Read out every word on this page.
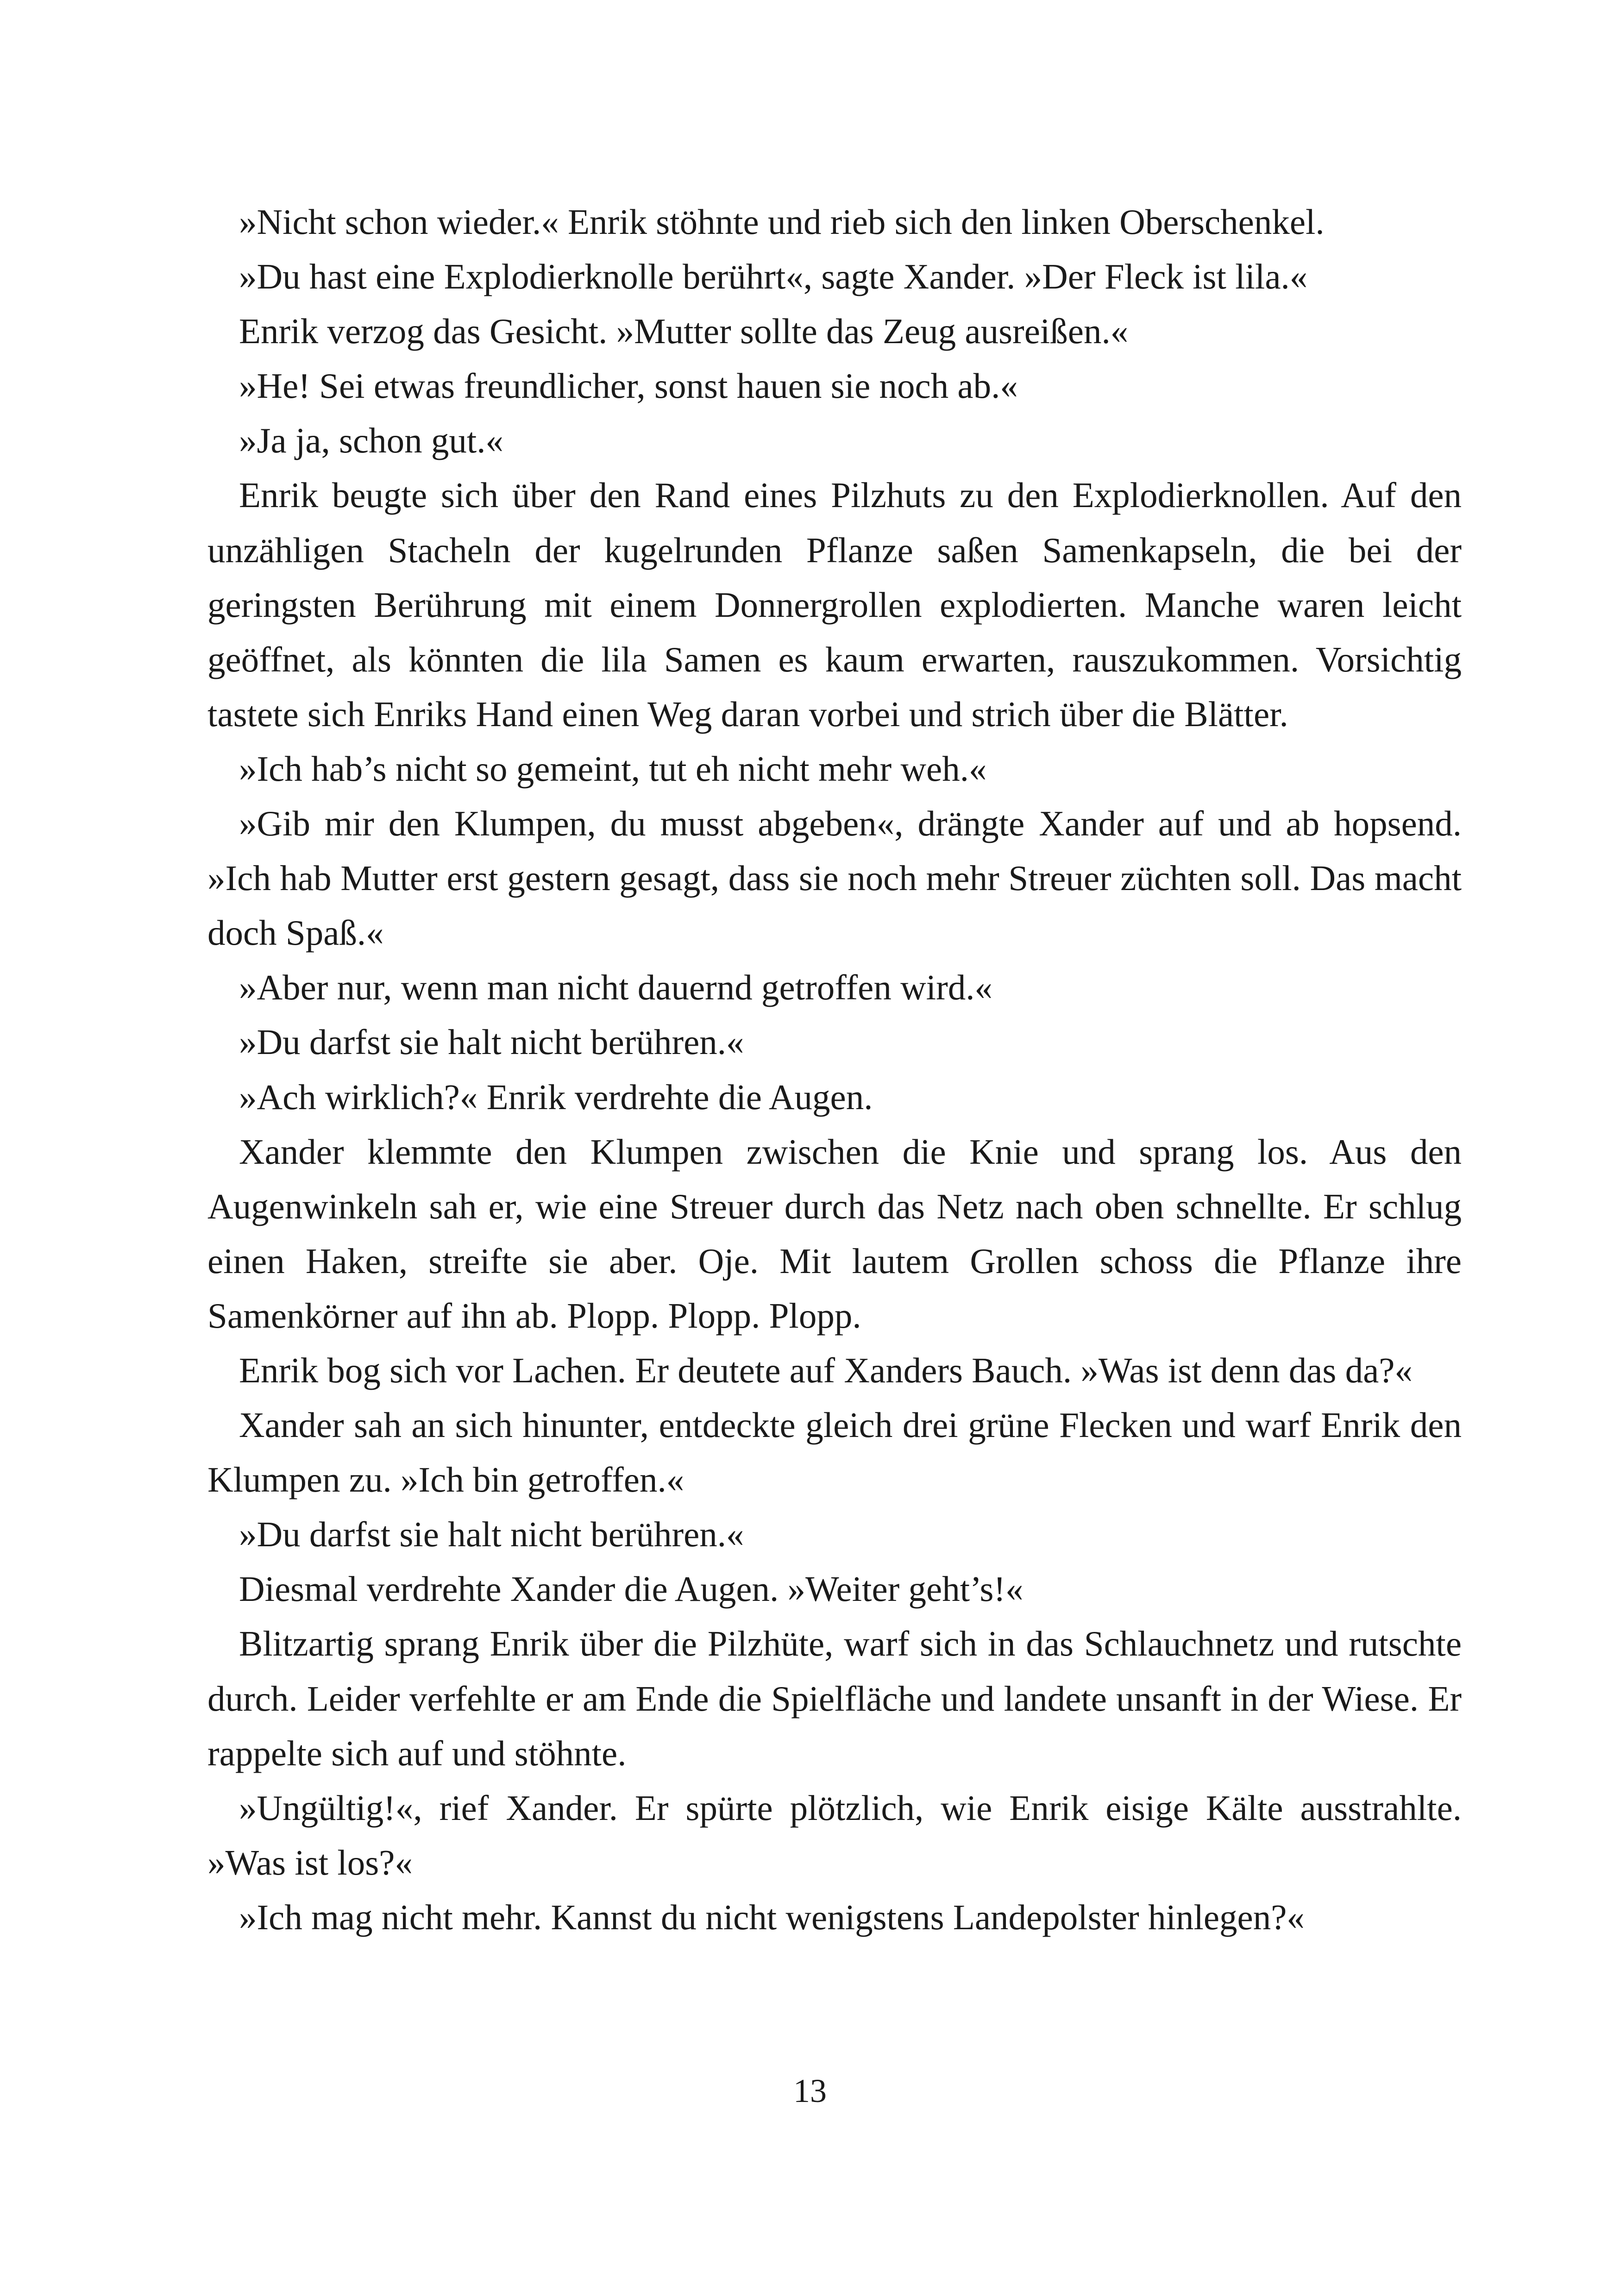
»Nicht schon wieder.« Enrik stöhnte und rieb sich den linken Oberschenkel.

»Du hast eine Explodierknolle berührt«, sagte Xander. »Der Fleck ist lila.«

Enrik verzog das Gesicht. »Mutter sollte das Zeug ausreißen.«

»He! Sei etwas freundlicher, sonst hauen sie noch ab.«

»Ja ja, schon gut.«

Enrik beugte sich über den Rand eines Pilzhuts zu den Explodierknollen. Auf den unzähligen Stacheln der kugelrunden Pflanze saßen Samenkapseln, die bei der geringsten Berührung mit einem Donnergrollen explodierten. Manche waren leicht geöffnet, als könnten die lila Samen es kaum erwarten, rauszukommen. Vorsichtig tastete sich Enriks Hand einen Weg daran vorbei und strich über die Blätter.

»Ich hab’s nicht so gemeint, tut eh nicht mehr weh.«

»Gib mir den Klumpen, du musst abgeben«, drängte Xander auf und ab hopsend. »Ich hab Mutter erst gestern gesagt, dass sie noch mehr Streuer züchten soll. Das macht doch Spaß.«

»Aber nur, wenn man nicht dauernd getroffen wird.«

»Du darfst sie halt nicht berühren.«

»Ach wirklich?« Enrik verdrehte die Augen.

Xander klemmte den Klumpen zwischen die Knie und sprang los. Aus den Augenwinkeln sah er, wie eine Streuer durch das Netz nach oben schnellte. Er schlug einen Haken, streifte sie aber. Oje. Mit lautem Grollen schoss die Pflanze ihre Samenkörner auf ihn ab. Plopp. Plopp. Plopp.

Enrik bog sich vor Lachen. Er deutete auf Xanders Bauch. »Was ist denn das da?«

Xander sah an sich hinunter, entdeckte gleich drei grüne Flecken und warf Enrik den Klumpen zu. »Ich bin getroffen.«

»Du darfst sie halt nicht berühren.«

Diesmal verdrehte Xander die Augen. »Weiter geht’s!«

Blitzartig sprang Enrik über die Pilzhüte, warf sich in das Schlauchnetz und rutschte durch. Leider verfehlte er am Ende die Spielfläche und landete unsanft in der Wiese. Er rappelte sich auf und stöhnte.

»Ungültig!«, rief Xander. Er spürte plötzlich, wie Enrik eisige Kälte ausstrahlte. »Was ist los?«

»Ich mag nicht mehr. Kannst du nicht wenigstens Landepolster hinlegen?«

13
